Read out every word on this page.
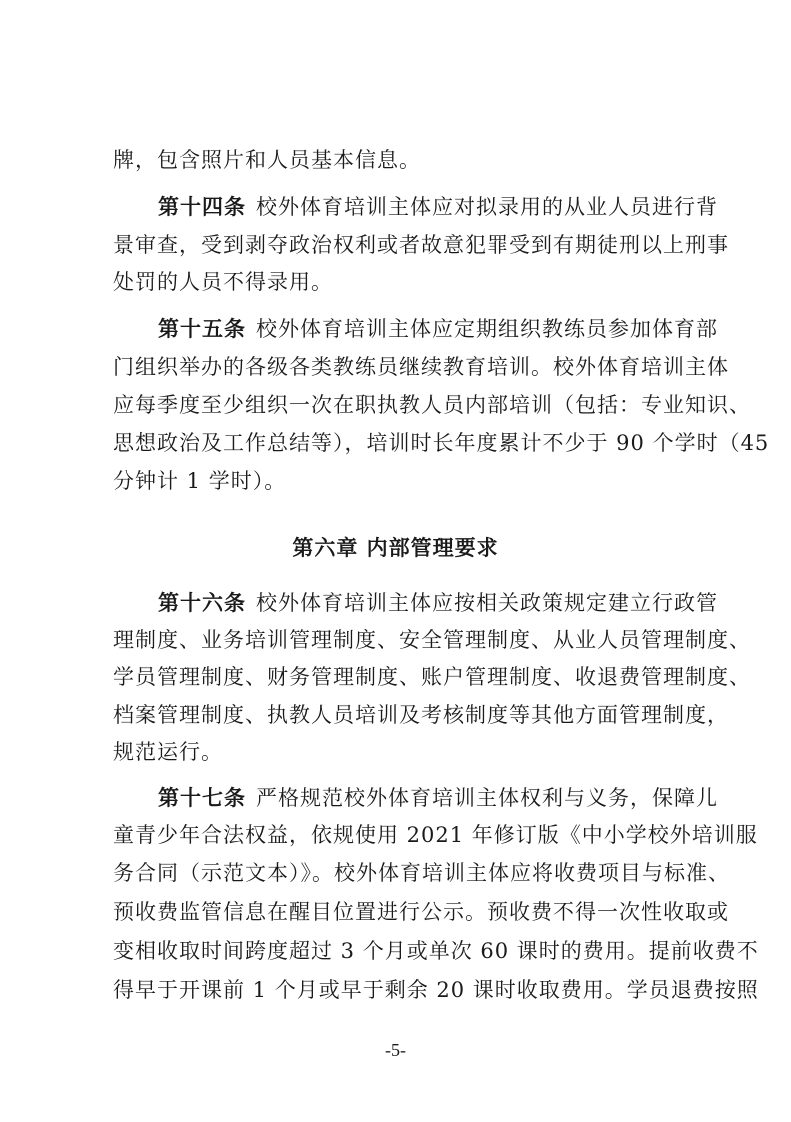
牌，包含照片和人员基本信息。
第十四条 校外体育培训主体应对拟录用的从业人员进行背
景审查，受到剥夺政治权利或者故意犯罪受到有期徒刑以上刑事
处罚的人员不得录用。
第十五条 校外体育培训主体应定期组织教练员参加体育部
门组织举办的各级各类教练员继续教育培训。校外体育培训主体
应每季度至少组织一次在职执教人员内部培训（包括：专业知识、
思想政治及工作总结等），培训时长年度累计不少于 90 个学时（45
分钟计 1 学时）。
第六章 内部管理要求
第十六条 校外体育培训主体应按相关政策规定建立行政管
理制度、业务培训管理制度、安全管理制度、从业人员管理制度、
学员管理制度、财务管理制度、账户管理制度、收退费管理制度、
档案管理制度、执教人员培训及考核制度等其他方面管理制度，
规范运行。
第十七条 严格规范校外体育培训主体权利与义务，保障儿
童青少年合法权益，依规使用 2021 年修订版《中小学校外培训服
务合同（示范文本）》。校外体育培训主体应将收费项目与标准、
预收费监管信息在醒目位置进行公示。预收费不得一次性收取或
变相收取时间跨度超过 3 个月或单次 60 课时的费用。提前收费不
得早于开课前 1 个月或早于剩余 20 课时收取费用。学员退费按照
-5-
